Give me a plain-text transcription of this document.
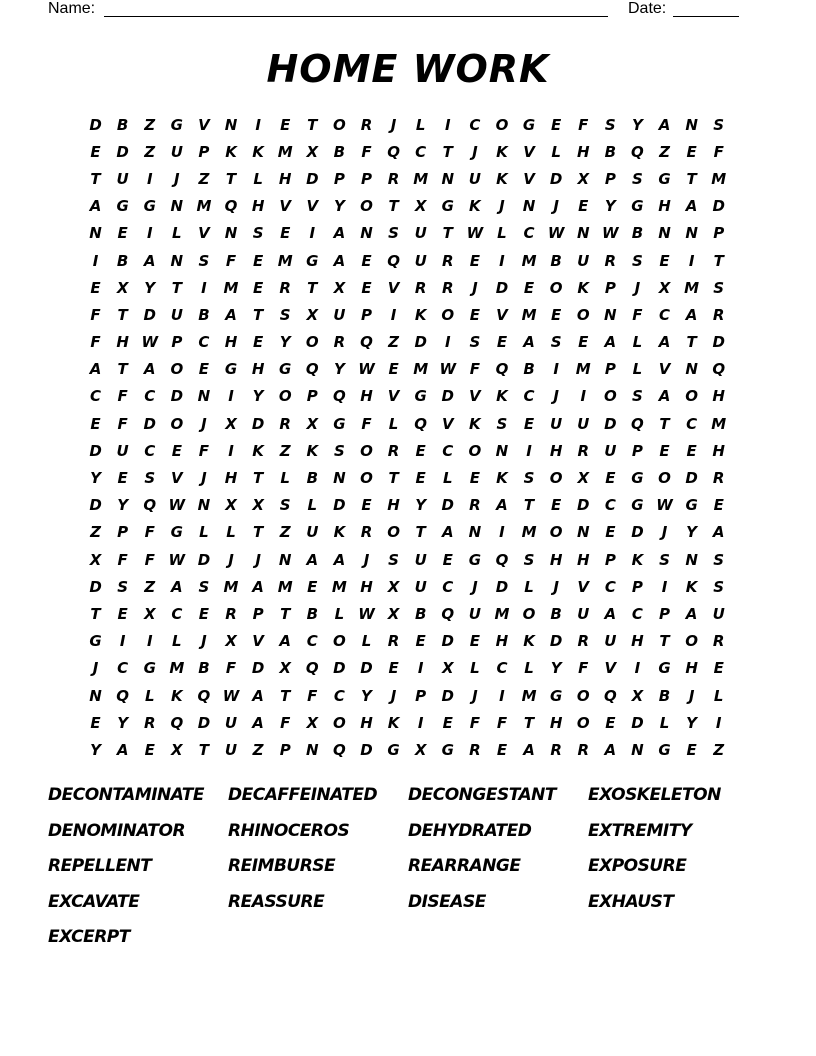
Name:	Date:
HOME WORK
D	B	Z	G	V	N	I	E	T	O R	J	L	I	C	O G	E	F	S	Y	A	N	S
E	D	Z	U	P	K	K M X	B	F	Q	C	T	J	K	V	L	H	B Q	Z	E	F
T	U	I	J	Z	T	L	H D	P	P	R M N U	K	V	D	X	P	S	G	T M
A	G G N M Q H	V	V	Y	O	T	X	G	K	J	N	J	E	Y	G H	A	D
N	E	I	L	V	N	S	E	I	A	N	S	U	T W L	C W N W B	N N	P
I	B	A	N	S	F	E M G	A	E	Q U	R	E	I	M B	U	R	S	E	I	T
E	X	Y	T	I	M E	R	T	X	E	V	R	R	J	D	E	O K	P	J	X M S
F	T	D U	B	A	T	S	X	U	P	I	K O	E	V M E	O N	F	C	A	R
F	H W P	C	H	E	Y	O R Q	Z	D	I	S	E	A	S	E	A	L	A	T	D
A	T	A O	E	G H G Q	Y W E M W F	Q	B	I	M P	L	V	N Q
C	F	C	D N	I	Y	O	P	Q H	V	G D	V	K	C	J	I	O	S	A O H
E	F	D O	J	X	D	R	X	G	F	L	Q V	K	S	E	U U D Q	T	C M
D U	C	E	F	I	K	Z	K	S	O R	E	C	O N	I	H	R	U	P	E	E	H
Y	E	S	V	J	H	T	L	B	N O	T	E	L	E	K	S	O X	E	G O D	R
D	Y	Q W N	X	X	S	L	D	E	H	Y	D	R	A	T	E	D	C	G W G	E
Z	P	F	G	L	L	T	Z	U	K	R O	T	A	N	I	M O N	E	D	J	Y	A
X	F	F W D	J	J	N	A	A	J	S	U	E	G Q	S	H H	P	K	S	N	S
D	S	Z	A	S M A M E M H	X	U	C	J	D	L	J	V	C	P	I	K	S
T	E	X	C	E	R	P	T	B	L W X	B Q U M O	B	U	A	C	P	A	U
G	I	I	L	J	X	V	A	C	O	L	R	E	D	E	H	K	D	R	U H	T	O R
J	C	G M B	F	D	X Q D D	E	I	X	L	C	L	Y	F	V	I	G H	E
N Q	L	K Q W A	T	F	C	Y	J	P	D	J	I	M G O Q X	B	J	L
E	Y	R Q D U	A	F	X O H	K	I	E	F	F	T	H O	E	D	L	Y	I
Y	A	E	X	T	U	Z	P	N Q D G	X	G	R	E	A	R	R	A	N G	E	Z
DECONTAMINATE	DECAFFEINATED	DECONGESTANT	EXOSKELETON
DENOMINATOR	RHINOCEROS	DEHYDRATED	EXTREMITY
REPELLENT	REIMBURSE	REARRANGE	EXPOSURE
EXCAVATE	REASSURE	DISEASE	EXHAUST
EXCERPT
